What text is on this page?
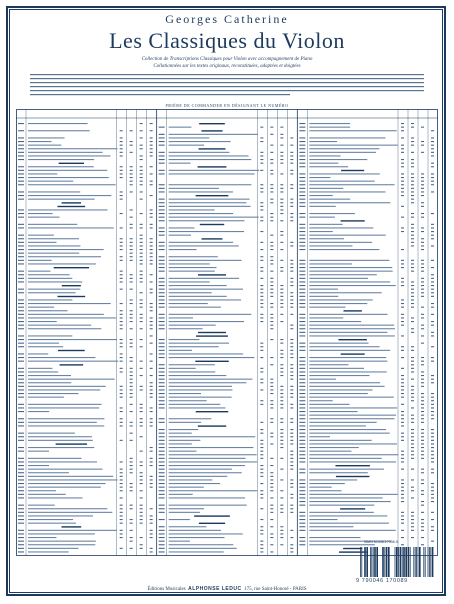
Georges Catherine
Les Classiques du Violon
Collection de Transcriptions Classiques pour Violon avec accompagnement de Piano
Collationnées sur les textes originaux, reconstituées, adaptées et doigtées
PRIÈRE DE COMMANDER EN DÉSIGNANT LE NUMÉRO
ISMN M-046-17008-9
9 790046 170089
Éditions Musicales ALPHONSE LEDUC 175, rue Saint-Honoré - PARIS
